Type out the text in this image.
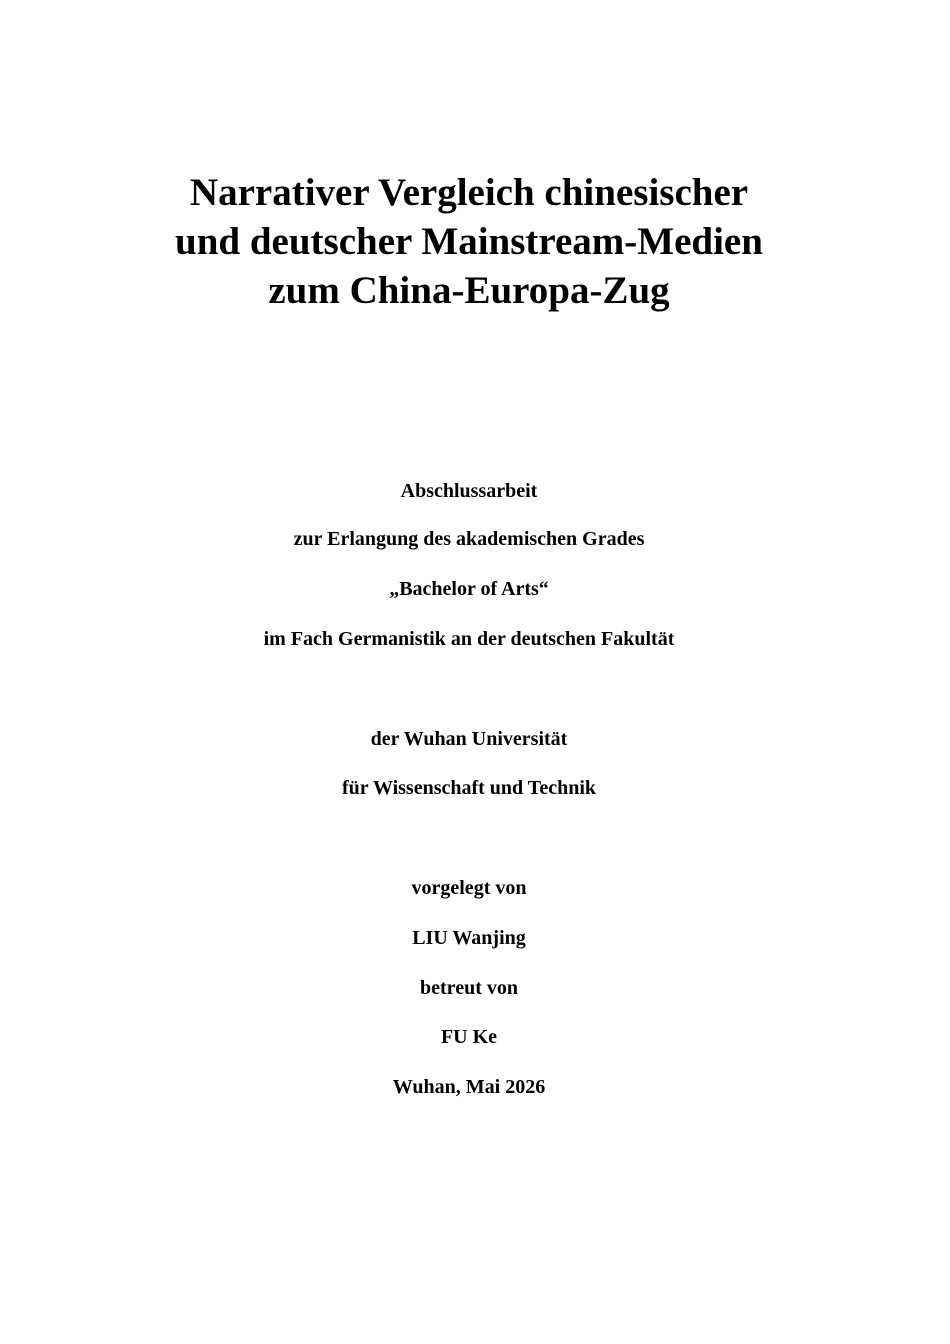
Narrativer Vergleich chinesischer
und deutscher Mainstream-Medien
zum China-Europa-Zug

Abschlussarbeit

zur Erlangung des akademischen Grades

„Bachelor of Arts“

im Fach Germanistik an der deutschen Fakultät

der Wuhan Universität

für Wissenschaft und Technik

vorgelegt von

LIU Wanjing

betreut von

FU Ke

Wuhan, Mai 2026
